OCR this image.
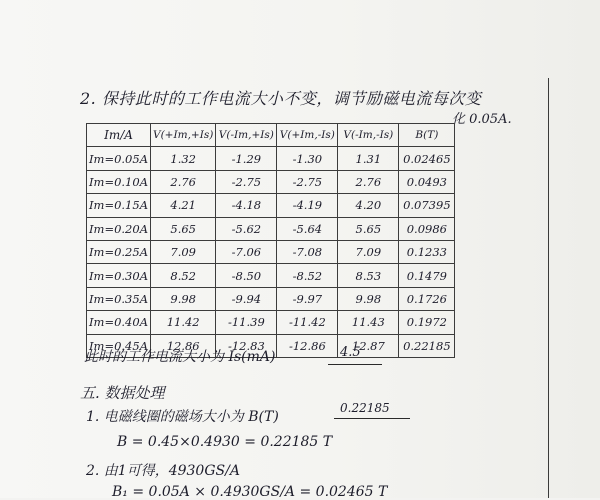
2. 保持此时的工作电流大小不变，调节励磁电流每次变
化 0.05A.
Im/A	V(+Im,+Is)	V(-Im,+Is)	V(+Im,-Is)	V(-Im,-Is)	B(T)
Im=0.05A	1.32	-1.29	-1.30	1.31	0.02465
Im=0.10A	2.76	-2.75	-2.75	2.76	0.0493
Im=0.15A	4.21	-4.18	-4.19	4.20	0.07395
Im=0.20A	5.65	-5.62	-5.64	5.65	0.0986
Im=0.25A	7.09	-7.06	-7.08	7.09	0.1233
Im=0.30A	8.52	-8.50	-8.52	8.53	0.1479
Im=0.35A	9.98	-9.94	-9.97	9.98	0.1726
Im=0.40A	11.42	-11.39	-11.42	11.43	0.1972
Im=0.45A	12.86	-12.83	-12.86	12.87	0.22185
此时的工作电流大小为 Is(mA)	4.5
五. 数据处理
1. 电磁线圈的磁场大小为 B(T)
0.22185
B = 0.45×0.4930 = 0.22185 T
2. 由1可得，4930GS/A
B₁ = 0.05A × 0.4930GS/A = 0.02465 T
